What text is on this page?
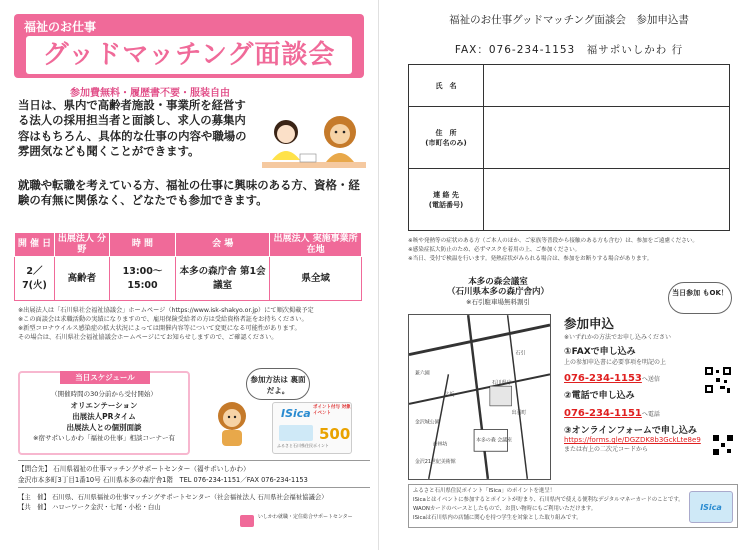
福祉のお仕事
グッドマッチング面談会
参加費無料・履歴書不要・服装自由
当日は、県内で高齢者施設・事業所を経営する法人の採用担当者と面談し、求人の募集内容はもちろん、具体的な仕事の内容や職場の雰囲気なども聞くことができます。
就職や転職を考えている方、福祉の仕事に興味のある方、資格・経験の有無に関係なく、どなたでも参加できます。
開 催 日	出展法人 分 野	時 間	会 場	出展法人 実施事業所在地
2／7(火)	高齢者	13:00～15:00	本多の森庁舎 第1会議室	県全域
※出展法人は「石川県社会福祉協議会」ホームページ（https://www.isk-shakyo.or.jp）にて順次掲載予定
※この面談会は求職活動の実績になりますので、雇用保険受給者の方は受給資格者証をお持ちください。
※新型コロナウイルス感染症の拡大状況によっては開催内容等について変更になる可能性があります。
その場合は、石川県社会福祉協議会ホームページにてお知らせしますので、ご確認ください。
当日スケジュール
（開催時間の30分前から受付開始）
オリエンテーション
出展法人PRタイム
出展法人との個別面談
※宿サポいしかわ「福祉の仕事」相談コーナー有
参加方法は 裏面だよ。
ISica ポイント付与 対象イベント
500
ふるさと石川県住民ポイント
【問合先】 石川県福祉の仕事マッチングサポートセンター（福サポいしかわ）
金沢市本多町3丁目1番10号 石川県本多の森庁舎1階　TEL 076-234-1151／FAX 076-234-1153
【主　催】 石川県、石川県福祉の仕事マッチングサポートセンター（社会福祉法人 石川県社会福祉協議会）
【共　催】 ハローワーク金沢・七尾・小松・白山
いしかわ就職・定住総合サポートセンター
福祉のお仕事グッドマッチング面談会　参加申込書
FAX：076-234-1153　福サポいしかわ 行
氏　名	
住　所
(市町名のみ)	
連 絡 先
(電話番号)	
※咳や発熱等の症状のある方（ご本人のほか、ご家族等普段から接触のある方も含む）は、参加をご遠慮ください。
※感染症拡大防止のため、必ずマスクを着用の上、ご参加ください。
※当日、受付で検温を行います。発熱症状がみられる場合は、参加をお断りする場合があります。
本多の森会議室
（石川県本多の森庁舎内）
※石引駐車場無料割引
当日参加 もOK！
兼六園
金沢城公園
石川県庁
本多の森 会議室
石引
広坂
出羽町
香林坊
金沢21世紀美術館
参加申込
※いずれかの方法でお申し込みください
①FAXで申し込み
上の参加申込書に必要事項を明記の上
076-234-1153へ送信
②電話で申し込み
076-234-1151へ電話
③オンラインフォームで申し込み
https://forms.gle/DGZDK8b3GckLte8e9
または右上の二次元コードから
ふるさと石川県住民ポイント「ISica」のポイントを進呈！
ISicaとはイベントに参加するとポイントが貯まり、石川県内で使える便利なデジタルマネーカードのことです。
WAONカードのベースとしたもので、お買い物時にもご利用いただけます。
ISicaは石川県内の店舗に関心を持つ学生を対象とした取り組みです。
ISica
